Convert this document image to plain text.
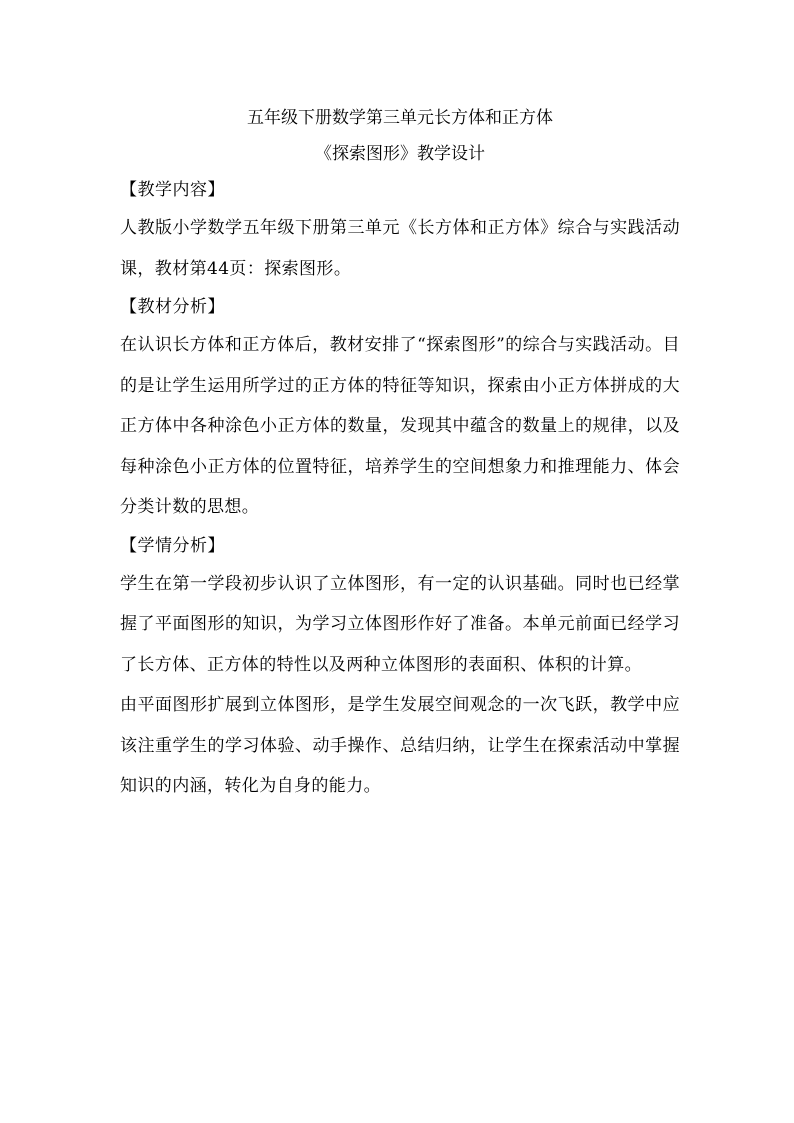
五年级下册数学第三单元长方体和正方体

《探索图形》教学设计

【教学内容】

人教版小学数学五年级下册第三单元《长方体和正方体》综合与实践活动课，教材第44页：探索图形。

【教材分析】

在认识长方体和正方体后，教材安排了“探索图形”的综合与实践活动。目的是让学生运用所学过的正方体的特征等知识，探索由小正方体拼成的大正方体中各种涂色小正方体的数量，发现其中蕴含的数量上的规律，以及每种涂色小正方体的位置特征，培养学生的空间想象力和推理能力、体会分类计数的思想。

【学情分析】

学生在第一学段初步认识了立体图形，有一定的认识基础。同时也已经掌握了平面图形的知识，为学习立体图形作好了准备。本单元前面已经学习了长方体、正方体的特性以及两种立体图形的表面积、体积的计算。

由平面图形扩展到立体图形，是学生发展空间观念的一次飞跃，教学中应该注重学生的学习体验、动手操作、总结归纳，让学生在探索活动中掌握知识的内涵，转化为自身的能力。
